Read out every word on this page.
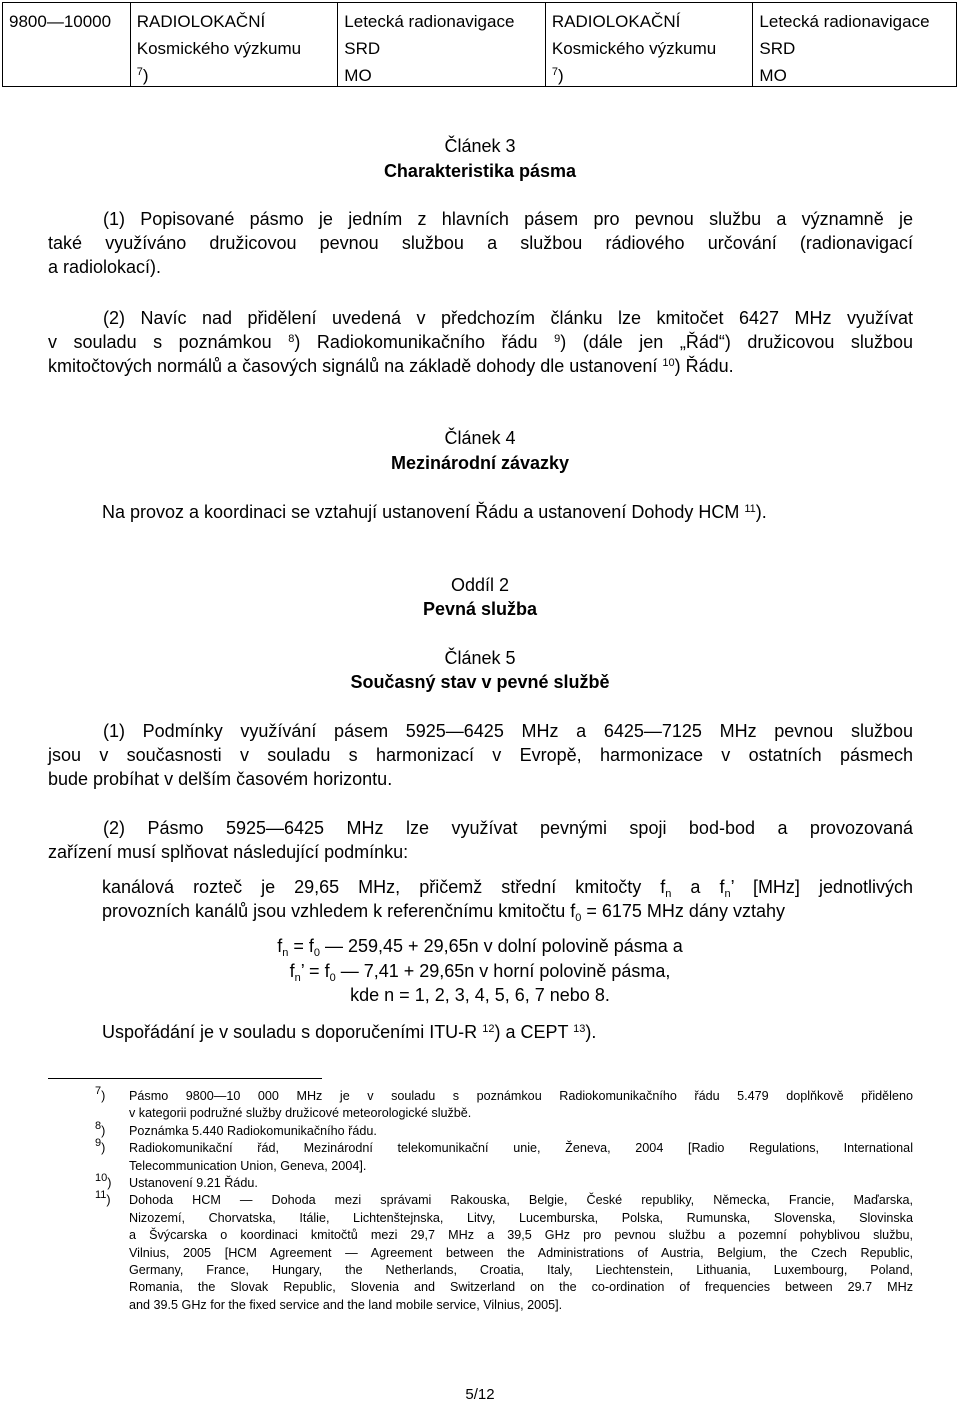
9800—10000	RADIOLOKAČNÍ
Kosmického výzkumu
$^7$)
Letecká radionavigace
SRD
MO
RADIOLOKAČNÍ
Kosmického výzkumu
$^7$)
Letecká radionavigace
SRD
MO
Článek 3
Charakteristika pásma
(1) Popisované pásmo je jedním z hlavních pásem pro pevnou službu a významně je
také využíváno družicovou pevnou službou a službou rádiového určování (radionavigací
a radiolokací).
(2) Navíc nad přidělení uvedená v předchozím článku lze kmitočet 6427 MHz využívat
v souladu s poznámkou $^8$) Radiokomunikačního řádu $^9$) (dále jen „Řád“) družicovou službou
kmitočtových normálů a časových signálů na základě dohody dle ustanovení $^{10}$) Řádu.
Článek 4
Mezinárodní závazky
Na provoz a koordinaci se vztahují ustanovení Řádu a ustanovení Dohody HCM $^{11}$).
Oddíl 2
Pevná služba
Článek 5
Současný stav v pevné službě
(1) Podmínky využívání pásem 5925—6425 MHz a 6425—7125 MHz pevnou službou
jsou v současnosti v souladu s harmonizací v Evropě, harmonizace v ostatních pásmech
bude probíhat v delším časovém horizontu.
(2) Pásmo 5925—6425 MHz lze využívat pevnými spoji bod-bod a provozovaná
zařízení musí splňovat následující podmínku:
kanálová rozteč je 29,65 MHz, přičemž střední kmitočty $f_n$ a $f_n$’ [MHz] jednotlivých
provozních kanálů jsou vzhledem k referenčnímu kmitočtu $f_0 = 6175$ MHz dány vztahy
$f_n = f_0$ — 259,45 + 29,65n v dolní polovině pásma a
$f_n$’ = $f_0$ — 7,41 + 29,65n v horní polovině pásma,
kde n = 1, 2, 3, 4, 5, 6, 7 nebo 8.
Uspořádání je v souladu s doporučeními ITU-R $^{12}$) a CEPT $^{13}$).
7) Pásmo 9800—10 000 MHz je v souladu s poznámkou Radiokomunikačního řádu 5.479 doplňkově přiděleno
v kategorii podružné služby družicové meteorologické službě.
8) Poznámka 5.440 Radiokomunikačního řádu.
9) Radiokomunikační řád, Mezinárodní telekomunikační unie, Ženeva, 2004 [Radio Regulations, International
Telecommunication Union, Geneva, 2004].
10) Ustanovení 9.21 Řádu.
11) Dohoda HCM — Dohoda mezi správami Rakouska, Belgie, České republiky, Německa, Francie, Maďarska,
Nizozemí, Chorvatska, Itálie, Lichtenštejnska, Litvy, Lucemburska, Polska, Rumunska, Slovenska, Slovinska
a Švýcarska o koordinaci kmitočtů mezi 29,7 MHz a 39,5 GHz pro pevnou službu a pozemní pohyblivou službu,
Vilnius, 2005 [HCM Agreement — Agreement between the Administrations of Austria, Belgium, the Czech Republic,
Germany, France, Hungary, the Netherlands, Croatia, Italy, Liechtenstein, Lithuania, Luxembourg, Poland,
Romania, the Slovak Republic, Slovenia and Switzerland on the co-ordination of frequencies between 29.7 MHz
and 39.5 GHz for the fixed service and the land mobile service, Vilnius, 2005].
5/12
